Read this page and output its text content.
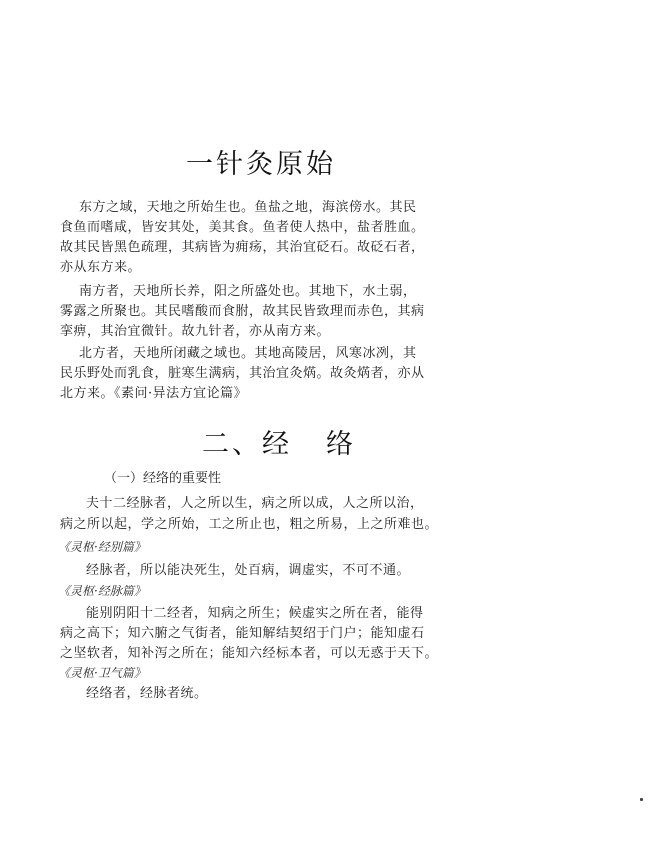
一针灸原始
东方之域，天地之所始生也。鱼盐之地，海滨傍水。其民
食鱼而嗜咸，皆安其处，美其食。鱼者使人热中，盐者胜血。
故其民皆黑色疏理，其病皆为痈疡，其治宜砭石。故砭石者，
亦从东方来。
南方者，天地所长养，阳之所盛处也。其地下，水土弱，
雾露之所聚也。其民嗜酸而食胕，故其民皆致理而赤色，其病
挛痹，其治宜微针。故九针者，亦从南方来。
北方者，天地所闭藏之域也。其地高陵居，风寒冰冽，其
民乐野处而乳食，脏寒生满病，其治宜灸焫。故灸焫者，亦从
北方来。《素问·异法方宜论篇》
二、经 络
（一）经络的重要性
夫十二经脉者，人之所以生，病之所以成，人之所以治，
病之所以起，学之所始，工之所止也，粗之所易，上之所难也。
《灵枢·经别篇》
经脉者，所以能决死生，处百病，调虚实，不可不通。
《灵枢·经脉篇》
能别阴阳十二经者，知病之所生；候虚实之所在者，能得
病之高下；知六腑之气街者，能知解结契绍于门户；能知虚石
之坚软者，知补泻之所在；能知六经标本者，可以无惑于天下。
《灵枢·卫气篇》
经络者，经脉者统。
